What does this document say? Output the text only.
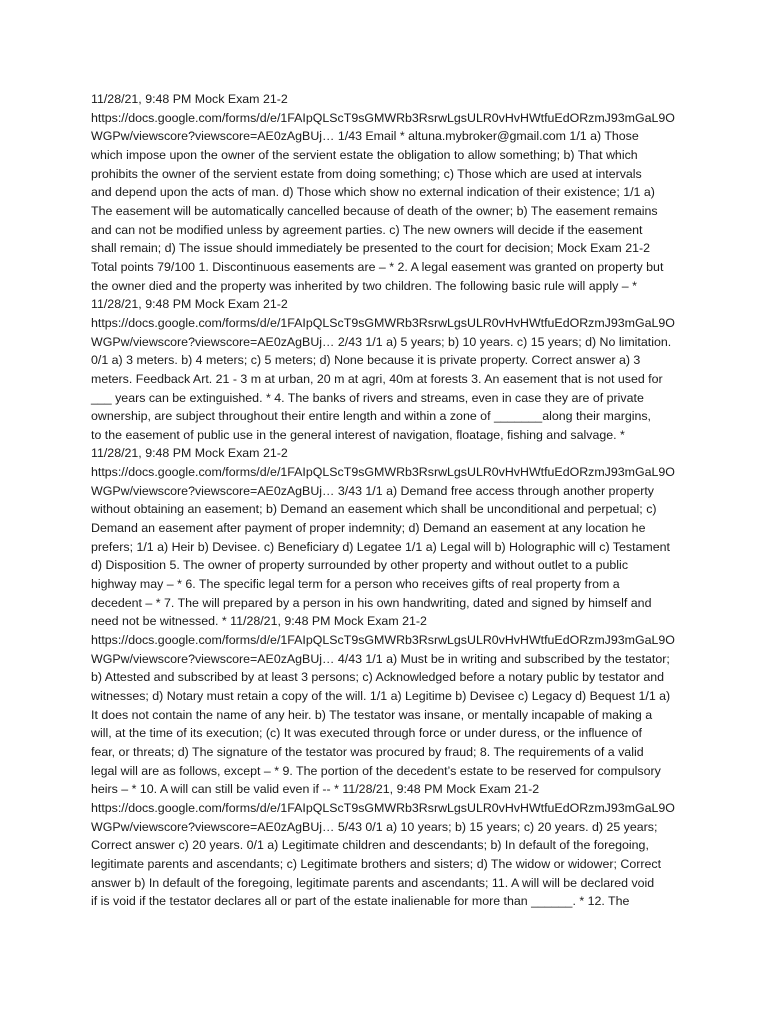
11/28/21, 9:48 PM Mock Exam 21-2
https://docs.google.com/forms/d/e/1FAIpQLScT9sGMWRb3RsrwLgsULR0vHvHWtfuEdORzmJ93mGaL9O
WGPw/viewscore?viewscore=AE0zAgBUj… 1/43 Email * altuna.mybroker@gmail.com 1/1 a) Those
which impose upon the owner of the servient estate the obligation to allow something; b) That which
prohibits the owner of the servient estate from doing something; c) Those which are used at intervals
and depend upon the acts of man. d) Those which show no external indication of their existence; 1/1 a)
The easement will be automatically cancelled because of death of the owner; b) The easement remains
and can not be modified unless by agreement parties. c) The new owners will decide if the easement
shall remain; d) The issue should immediately be presented to the court for decision; Mock Exam 21-2
Total points 79/100 1. Discontinuous easements are – * 2. A legal easement was granted on property but
the owner died and the property was inherited by two children. The following basic rule will apply – *
11/28/21, 9:48 PM Mock Exam 21-2
https://docs.google.com/forms/d/e/1FAIpQLScT9sGMWRb3RsrwLgsULR0vHvHWtfuEdORzmJ93mGaL9O
WGPw/viewscore?viewscore=AE0zAgBUj… 2/43 1/1 a) 5 years; b) 10 years. c) 15 years; d) No limitation.
0/1 a) 3 meters. b) 4 meters; c) 5 meters; d) None because it is private property. Correct answer a) 3
meters. Feedback Art. 21 - 3 m at urban, 20 m at agri, 40m at forests 3. An easement that is not used for
___ years can be extinguished. * 4. The banks of rivers and streams, even in case they are of private
ownership, are subject throughout their entire length and within a zone of _______along their margins,
to the easement of public use in the general interest of navigation, floatage, fishing and salvage. *
11/28/21, 9:48 PM Mock Exam 21-2
https://docs.google.com/forms/d/e/1FAIpQLScT9sGMWRb3RsrwLgsULR0vHvHWtfuEdORzmJ93mGaL9O
WGPw/viewscore?viewscore=AE0zAgBUj… 3/43 1/1 a) Demand free access through another property
without obtaining an easement; b) Demand an easement which shall be unconditional and perpetual; c)
Demand an easement after payment of proper indemnity; d) Demand an easement at any location he
prefers; 1/1 a) Heir b) Devisee. c) Beneficiary d) Legatee 1/1 a) Legal will b) Holographic will c) Testament
d) Disposition 5. The owner of property surrounded by other property and without outlet to a public
highway may – * 6. The specific legal term for a person who receives gifts of real property from a
decedent – * 7. The will prepared by a person in his own handwriting, dated and signed by himself and
need not be witnessed. * 11/28/21, 9:48 PM Mock Exam 21-2
https://docs.google.com/forms/d/e/1FAIpQLScT9sGMWRb3RsrwLgsULR0vHvHWtfuEdORzmJ93mGaL9O
WGPw/viewscore?viewscore=AE0zAgBUj… 4/43 1/1 a) Must be in writing and subscribed by the testator;
b) Attested and subscribed by at least 3 persons; c) Acknowledged before a notary public by testator and
witnesses; d) Notary must retain a copy of the will. 1/1 a) Legitime b) Devisee c) Legacy d) Bequest 1/1 a)
It does not contain the name of any heir. b) The testator was insane, or mentally incapable of making a
will, at the time of its execution; (c) It was executed through force or under duress, or the influence of
fear, or threats; d) The signature of the testator was procured by fraud; 8. The requirements of a valid
legal will are as follows, except – * 9. The portion of the decedent’s estate to be reserved for compulsory
heirs – * 10. A will can still be valid even if -- * 11/28/21, 9:48 PM Mock Exam 21-2
https://docs.google.com/forms/d/e/1FAIpQLScT9sGMWRb3RsrwLgsULR0vHvHWtfuEdORzmJ93mGaL9O
WGPw/viewscore?viewscore=AE0zAgBUj… 5/43 0/1 a) 10 years; b) 15 years; c) 20 years. d) 25 years;
Correct answer c) 20 years. 0/1 a) Legitimate children and descendants; b) In default of the foregoing,
legitimate parents and ascendants; c) Legitimate brothers and sisters; d) The widow or widower; Correct
answer b) In default of the foregoing, legitimate parents and ascendants; 11. A will will be declared void
if is void if the testator declares all or part of the estate inalienable for more than ______. * 12. The
